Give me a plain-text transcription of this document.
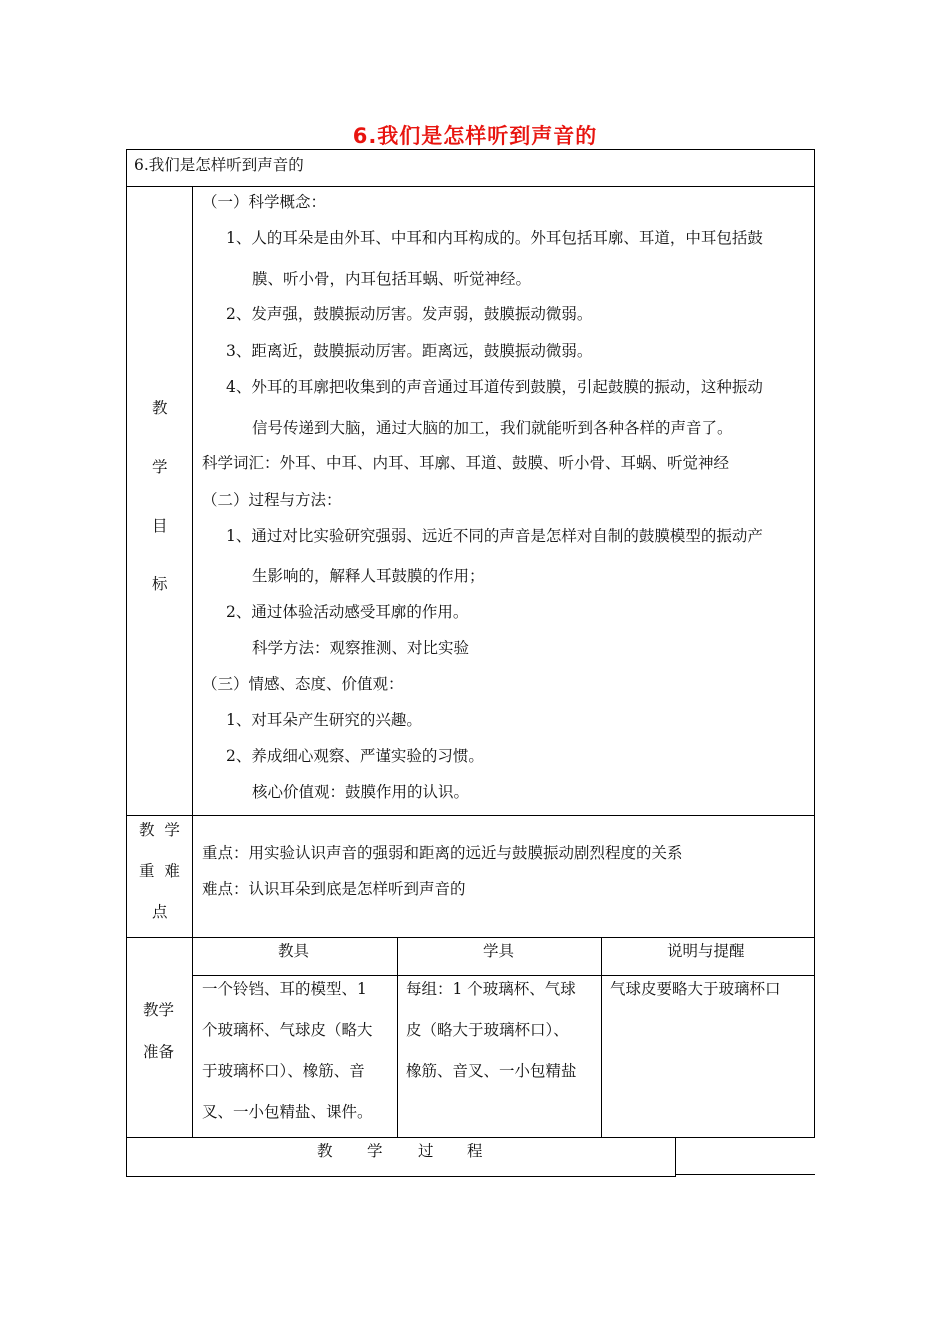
6.我们是怎样听到声音的
6.我们是怎样听到声音的
教
学
目
标
（一）科学概念：
1、人的耳朵是由外耳、中耳和内耳构成的。外耳包括耳廓、耳道，中耳包括鼓
膜、听小骨，内耳包括耳蜗、听觉神经。
2、发声强，鼓膜振动厉害。发声弱，鼓膜振动微弱。
3、距离近，鼓膜振动厉害。距离远，鼓膜振动微弱。
4、外耳的耳廓把收集到的声音通过耳道传到鼓膜，引起鼓膜的振动，这种振动
信号传递到大脑，通过大脑的加工，我们就能听到各种各样的声音了。
科学词汇：外耳、中耳、内耳、耳廓、耳道、鼓膜、听小骨、耳蜗、听觉神经
（二）过程与方法：
1、通过对比实验研究强弱、远近不同的声音是怎样对自制的鼓膜模型的振动产
生影响的，解释人耳鼓膜的作用；
2、通过体验活动感受耳廓的作用。
科学方法：观察推测、对比实验
（三）情感、态度、价值观：
1、对耳朵产生研究的兴趣。
2、养成细心观察、严谨实验的习惯。
核心价值观：鼓膜作用的认识。
教  学
重  难
点
重点：用实验认识声音的强弱和距离的远近与鼓膜振动剧烈程度的关系
难点：认识耳朵到底是怎样听到声音的
教学
准备
教具	学具	说明与提醒
一个铃铛、耳的模型、1
个玻璃杯、气球皮（略大
于玻璃杯口）、橡筋、音
叉、一小包精盐、课件。
每组：1 个玻璃杯、气球
皮（略大于玻璃杯口）、
橡筋、音叉、一小包精盐
气球皮要略大于玻璃杯口
教 学 过 程
